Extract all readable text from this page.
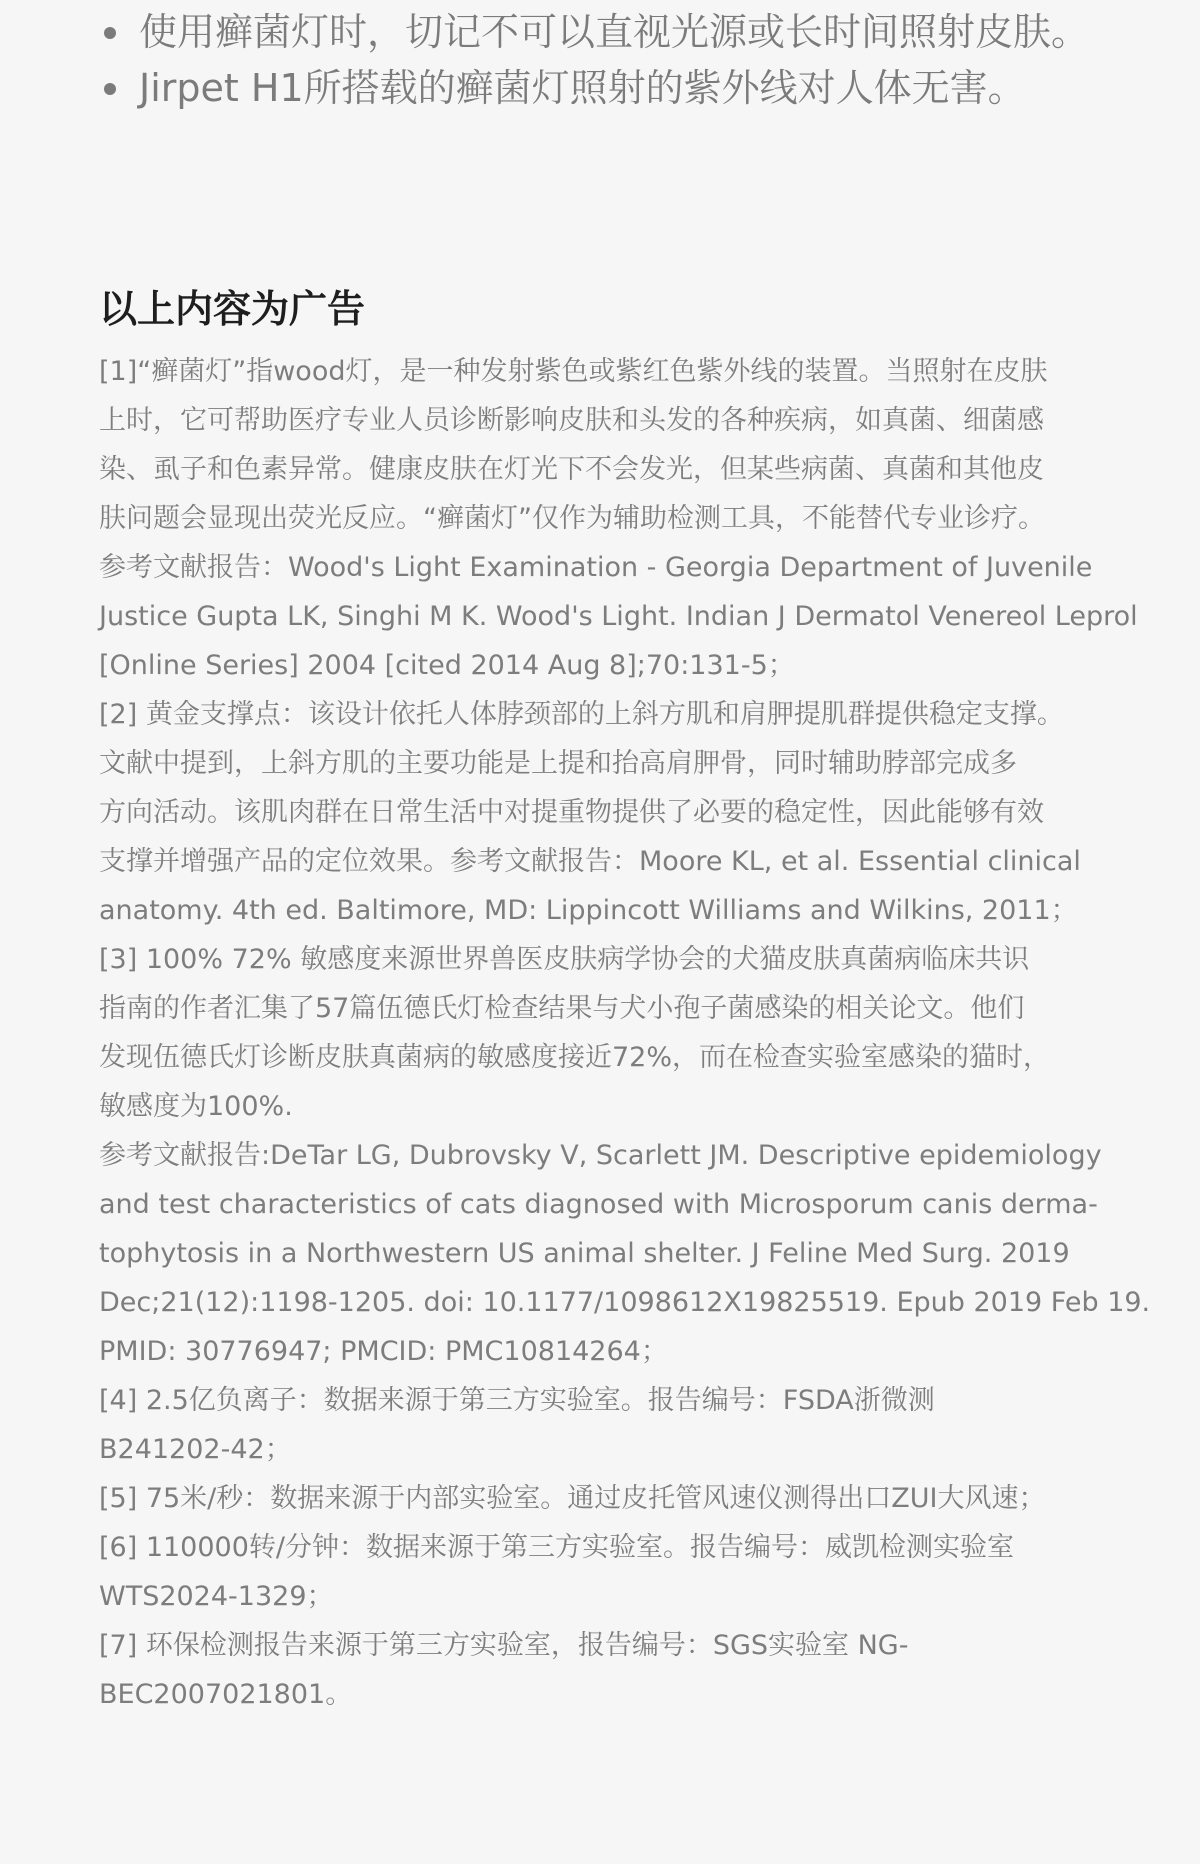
使用癣菌灯时，切记不可以直视光源或长时间照射皮肤。
Jirpet H1所搭载的癣菌灯照射的紫外线对人体无害。
以上内容为广告
[1]“癣菌灯”指wood灯，是一种发射紫色或紫红色紫外线的装置。当照射在皮肤
上时，它可帮助医疗专业人员诊断影响皮肤和头发的各种疾病，如真菌、细菌感
染、虱子和色素异常。健康皮肤在灯光下不会发光，但某些病菌、真菌和其他皮
肤问题会显现出荧光反应。“癣菌灯”仅作为辅助检测工具，不能替代专业诊疗。
参考文献报告：Wood's Light Examination - Georgia Department of Juvenile
Justice Gupta LK, Singhi M K. Wood's Light. Indian J Dermatol Venereol Leprol
[Online Series] 2004 [cited 2014 Aug 8];70:131-5；
[2] 黄金支撑点：该设计依托人体脖颈部的上斜方肌和肩胛提肌群提供稳定支撑。
文献中提到，上斜方肌的主要功能是上提和抬高肩胛骨，同时辅助脖部完成多
方向活动。该肌肉群在日常生活中对提重物提供了必要的稳定性，因此能够有效
支撑并增强产品的定位效果。参考文献报告：Moore KL, et al. Essential clinical
anatomy. 4th ed. Baltimore, MD: Lippincott Williams and Wilkins, 2011；
[3] 100% 72% 敏感度来源世界兽医皮肤病学协会的犬猫皮肤真菌病临床共识
指南的作者汇集了57篇伍德氏灯检查结果与犬小孢子菌感染的相关论文。他们
发现伍德氏灯诊断皮肤真菌病的敏感度接近72%，而在检查实验室感染的猫时，
敏感度为100%.
参考文献报告:DeTar LG, Dubrovsky V, Scarlett JM. Descriptive epidemiology
and test characteristics of cats diagnosed with Microsporum canis derma-
tophytosis in a Northwestern US animal shelter. J Feline Med Surg. 2019
Dec;21(12):1198-1205. doi: 10.1177/1098612X19825519. Epub 2019 Feb 19.
PMID: 30776947; PMCID: PMC10814264；
[4] 2.5亿负离子：数据来源于第三方实验室。报告编号：FSDA浙微测
B241202-42；
[5] 75米/秒：数据来源于内部实验室。通过皮托管风速仪测得出口ZUI大风速；
[6] 110000转/分钟：数据来源于第三方实验室。报告编号：威凯检测实验室
WTS2024-1329；
[7] 环保检测报告来源于第三方实验室，报告编号：SGS实验室 NG-
BEC2007021801。
